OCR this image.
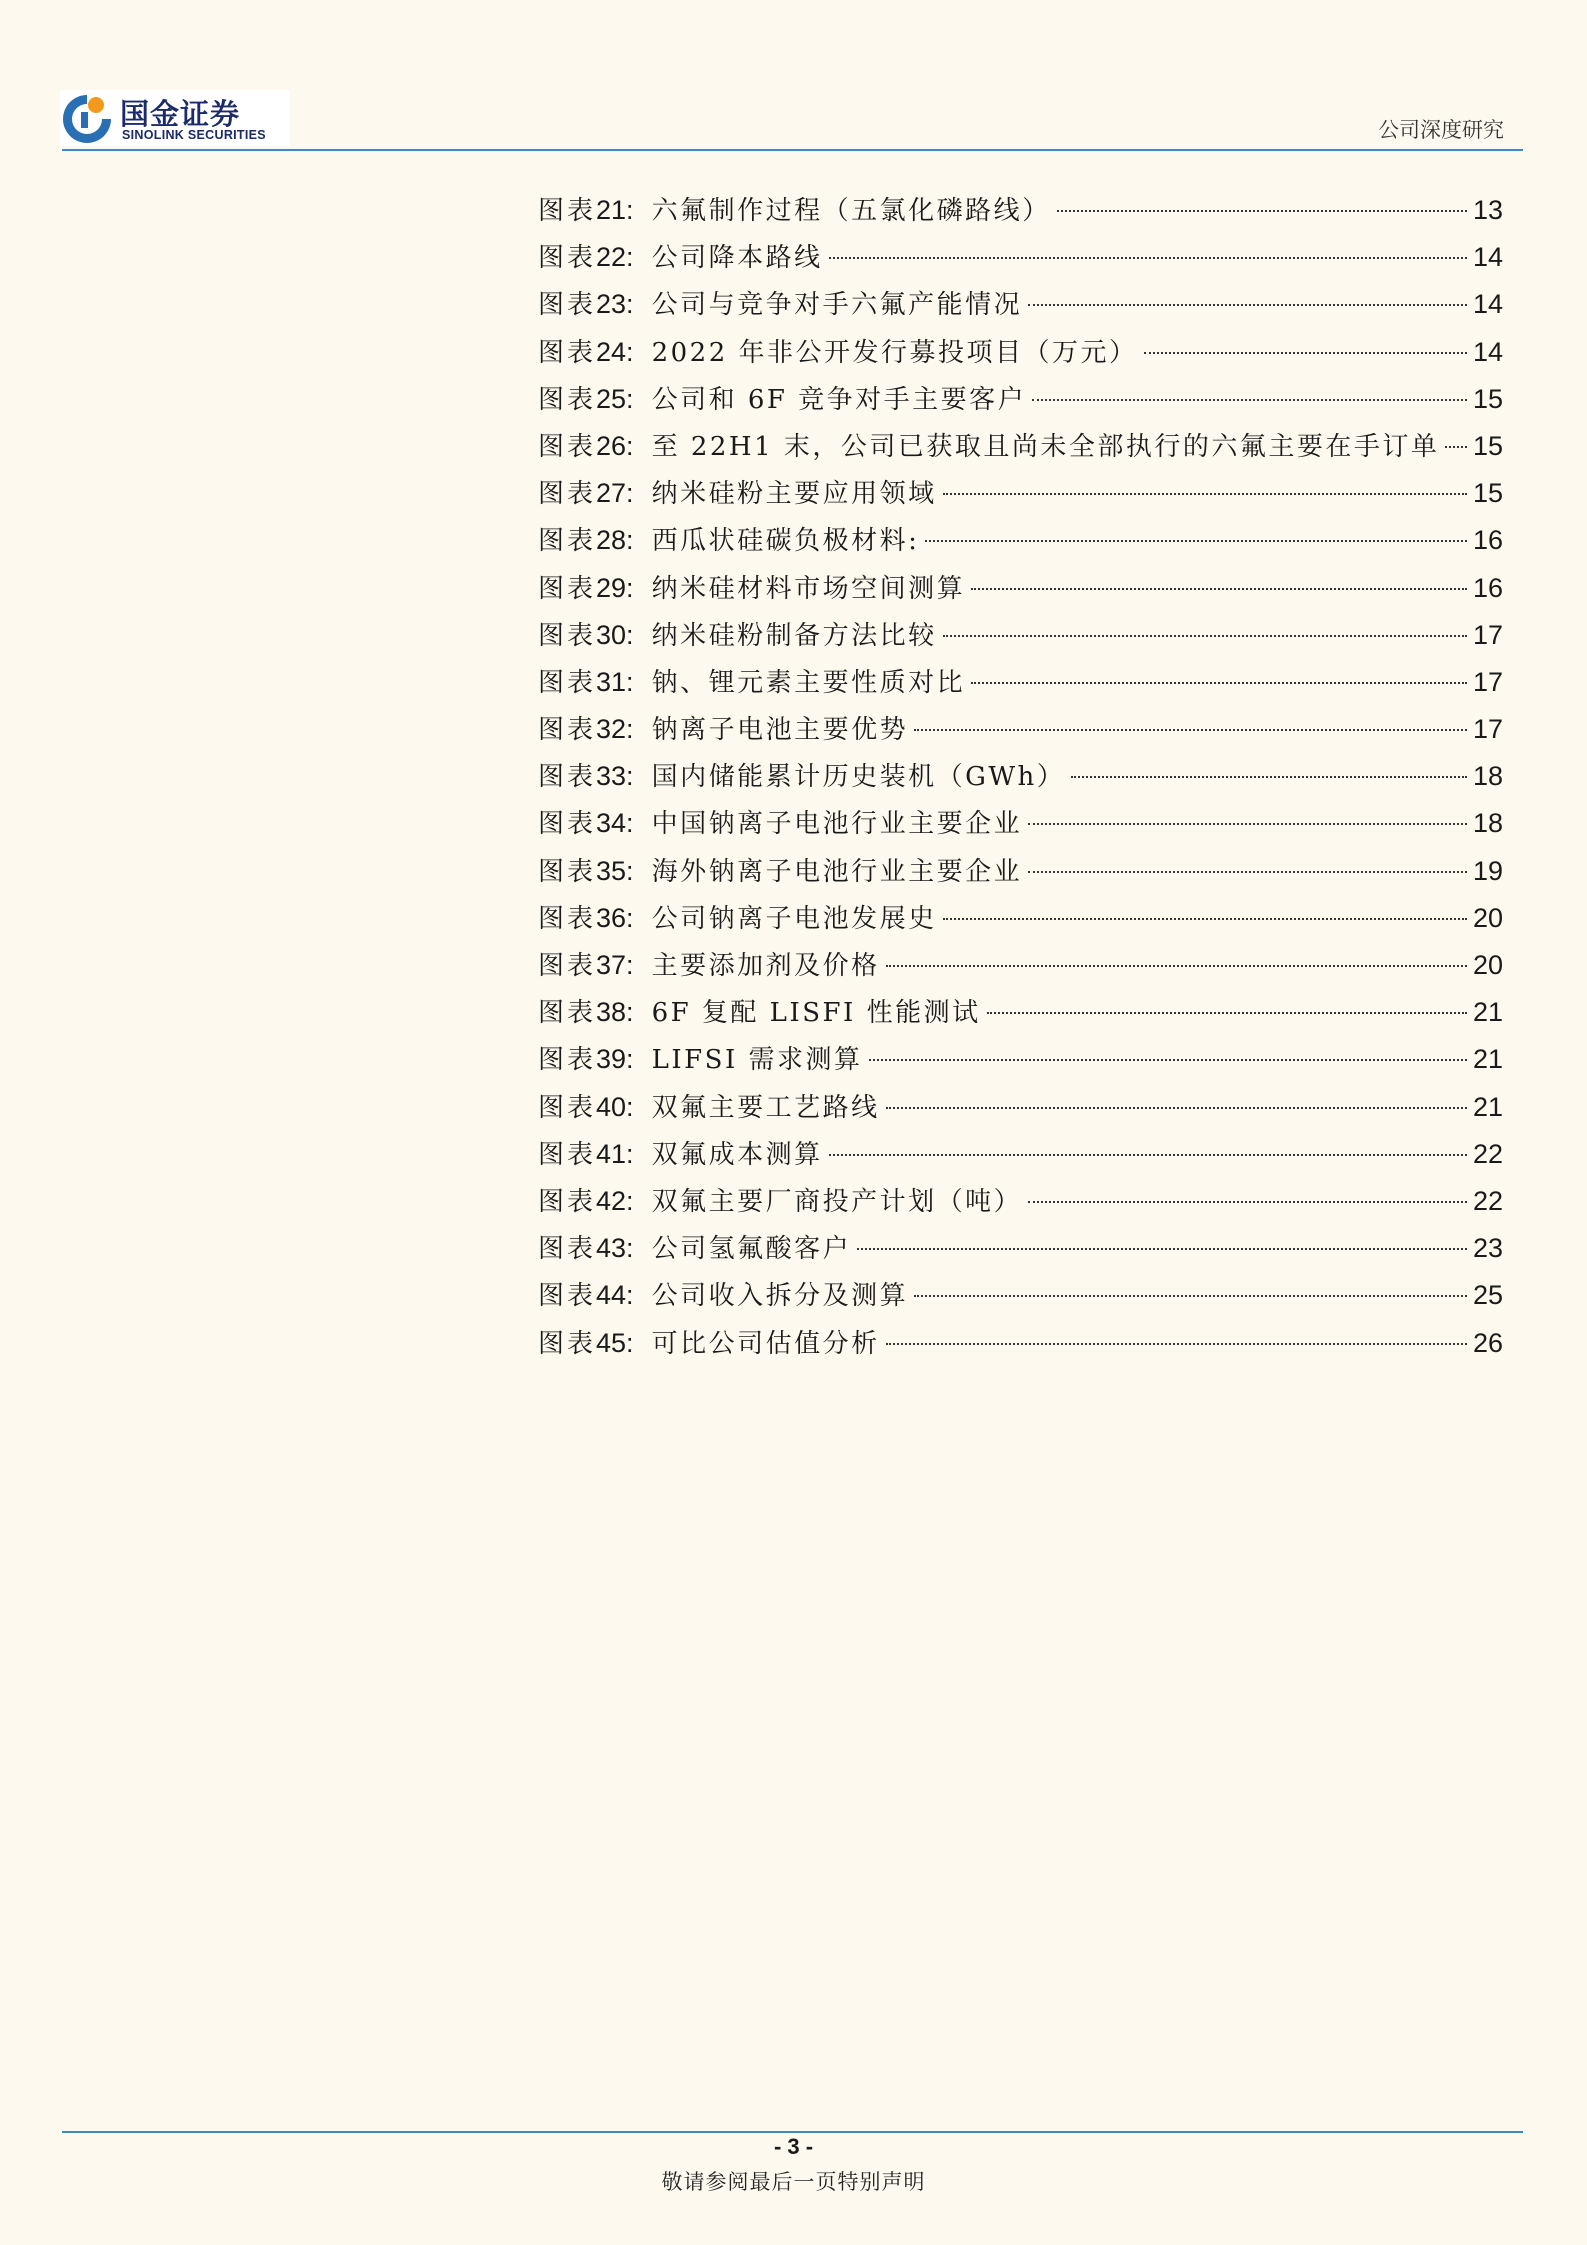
国金证券
SINOLINK SECURITIES	公司深度研究
图表 21: 六氟制作过程（五氯化磷路线）	13
图表 22: 公司降本路线	14
图表 23: 公司与竞争对手六氟产能情况	14
图表 24: 2022 年非公开发行募投项目（万元）	14
图表 25: 公司和 6F 竞争对手主要客户	15
图表 26: 至 22H1 末，公司已获取且尚未全部执行的六氟主要在手订单 15
图表 27: 纳米硅粉主要应用领域	15
图表 28: 西瓜状硅碳负极材料:	16
图表 29: 纳米硅材料市场空间测算	16
图表 30: 纳米硅粉制备方法比较	17
图表 31: 钠、锂元素主要性质对比	17
图表 32: 钠离子电池主要优势	17
图表 33: 国内储能累计历史装机（GWh）	18
图表 34: 中国钠离子电池行业主要企业	18
图表 35: 海外钠离子电池行业主要企业	19
图表 36: 公司钠离子电池发展史	20
图表 37: 主要添加剂及价格	20
图表 38: 6F 复配 LISFI 性能测试	21
图表 39: LIFSI 需求测算	21
图表 40: 双氟主要工艺路线	21
图表 41: 双氟成本测算	22
图表 42: 双氟主要厂商投产计划（吨）	22
图表 43: 公司氢氟酸客户	23
图表 44: 公司收入拆分及测算	25
图表 45: 可比公司估值分析	26
- 3 -
敬请参阅最后一页特别声明
